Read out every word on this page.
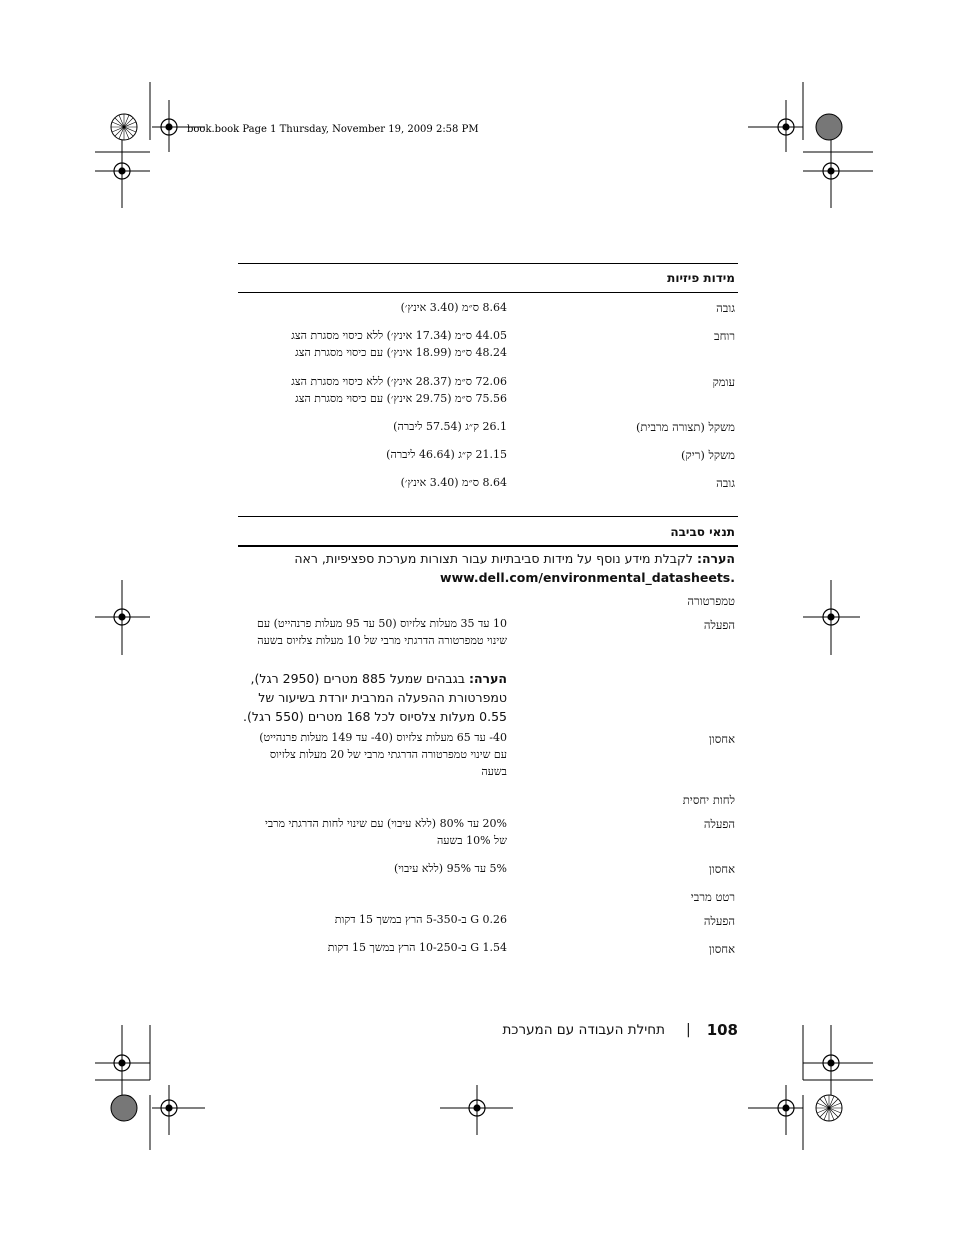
book.book Page 1 Thursday, November 19, 2009 2:58 PM
מידות פיזיות
גובה
8.64 ס״מ (3.40 אינץ׳)
רוחב
44.05 ס״מ (17.34 אינץ׳) ללא כיסוי מסגרת הצג
48.24 ס״מ (18.99 אינץ׳) עם כיסוי מסגרת הצג
עומק
72.06 ס״מ (28.37 אינץ׳) ללא כיסוי מסגרת הצג
75.56 ס״מ (29.75 אינץ׳) עם כיסוי מסגרת הצג
משקל (תצורה מרבית)
26.1 ק״ג (57.54 ליברה)
משקל (ריק)
21.15 ק״ג (46.64 ליברה)
גובה
8.64 ס״מ (3.40 אינץ׳)
תנאי סביבה
הערה: לקבלת מידע נוסף על מידות סביבתיות עבור תצורות מערכת ספציפיות, ראה
www.dell.com/environmental_datasheets.
טמפרטורה
הפעלה
10 עד 35 מעלות צלזיוס (50 עד 95 מעלות פרנהייט) עם שינוי טמפרטורה הדרגתי מרבי של 10 מעלות צלזיוס בשעה
הערה: בגבהים שמעל 885 מטרים (2950 רגל), טמפרטורת ההפעלה המרבית יורדת בשיעור של 0.55 מעלות צלסיוס לכל 168 מטרים (550 רגל).
אחסון
40- עד 65 מעלות צלזיוס (40- עד 149 מעלות פרנהייט) עם שינוי טמפרטורה הדרגתי מרבי של 20 מעלות צלזיוס בשעה
לחות יחסית
הפעלה
20% עד 80% (ללא עיבוי) עם שינוי לחות הדרגתי מרבי של 10% בשעה
אחסון
5% עד 95% (ללא עיבוי)
רטט מרבי
הפעלה
0.26 G ב-5-350 הרץ במשך 15 דקות
אחסון
1.54 G ב-10-250 הרץ במשך 15 דקות
108
|
תחילת העבודה עם המערכת
